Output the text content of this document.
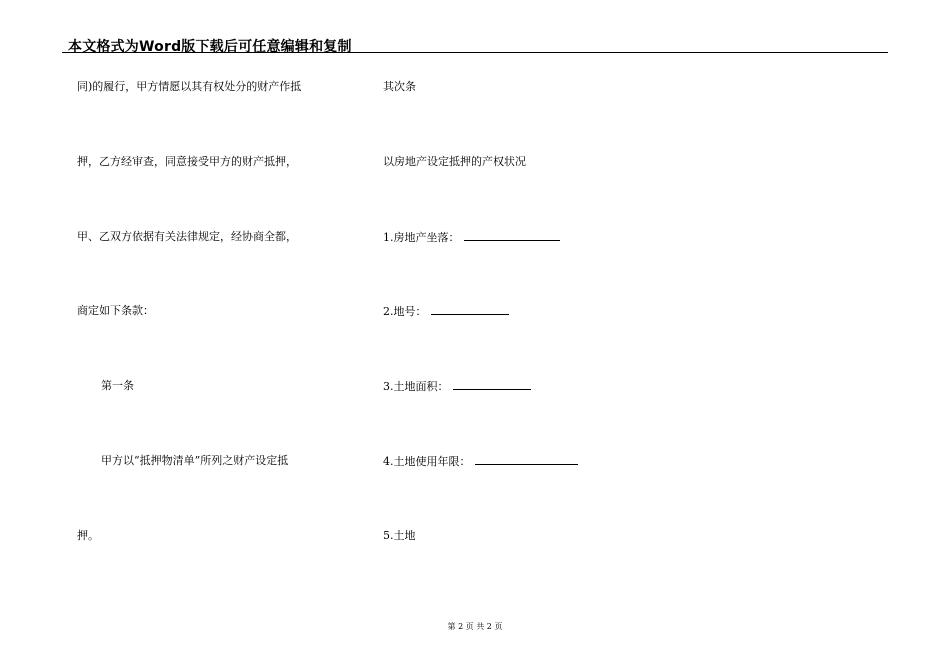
本文格式为Word版下载后可任意编辑和复制
同)的履行，甲方情愿以其有权处分的财产作抵
押，乙方经审查，同意接受甲方的财产抵押，
甲、乙双方依据有关法律规定，经协商全都，
商定如下条款：
第一条
甲方以“抵押物清单”所列之财产设定抵
押。
其次条
以房地产设定抵押的产权状况
1.房地产坐落：
2.地号：
3.土地面积：
4.土地使用年限：
5.土地
第 2 页 共 2 页
